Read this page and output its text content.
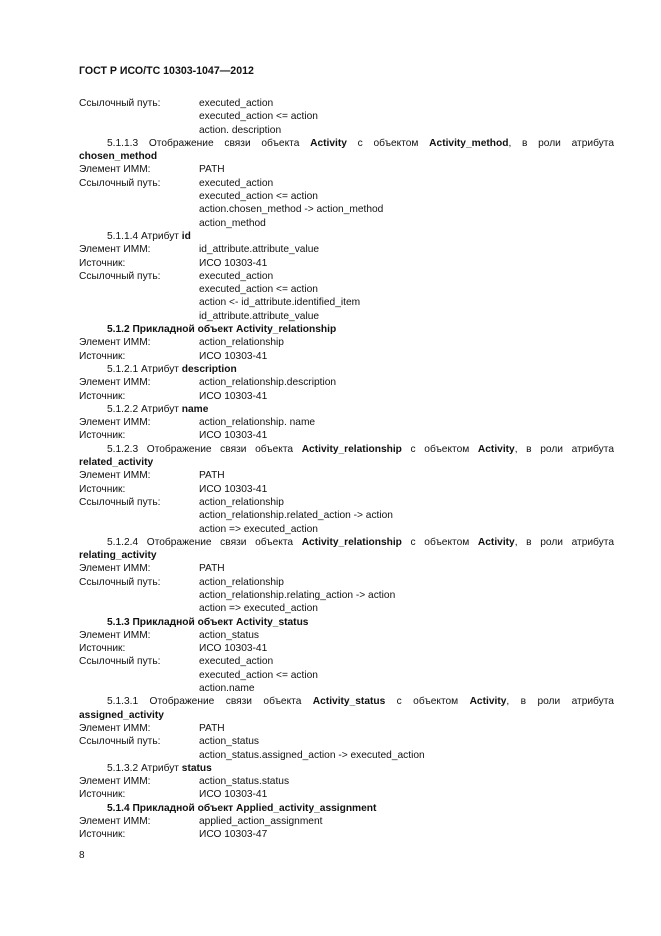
ГОСТ Р ИСО/ТС 10303-1047—2012
Ссылочный путь:	executed_action
executed_action <= action
action. description
5.1.1.3 Отображение связи объекта Activity с объектом Activity_method, в роли атрибута chosen_method
Элемент ИММ:	PATH
Ссылочный путь:	executed_action
executed_action <= action
action.chosen_method -> action_method
action_method
5.1.1.4 Атрибут id
Элемент ИММ:	id_attribute.attribute_value
Источник:	ИСО 10303-41
Ссылочный путь:	executed_action
executed_action <= action
action <- id_attribute.identified_item
id_attribute.attribute_value
5.1.2 Прикладной объект Activity_relationship
Элемент ИММ:	action_relationship
Источник:	ИСО 10303-41
5.1.2.1 Атрибут description
Элемент ИММ:	action_relationship.description
Источник:	ИСО 10303-41
5.1.2.2 Атрибут name
Элемент ИММ:	action_relationship. name
Источник:	ИСО 10303-41
5.1.2.3 Отображение связи объекта Activity_relationship с объектом Activity, в роли атрибута related_activity
Элемент ИММ:	PATH
Источник:	ИСО 10303-41
Ссылочный путь:	action_relationship
action_relationship.related_action -> action
action => executed_action
5.1.2.4 Отображение связи объекта Activity_relationship с объектом Activity, в роли атрибута relating_activity
Элемент ИММ:	PATH
Ссылочный путь:	action_relationship
action_relationship.relating_action -> action
action => executed_action
5.1.3 Прикладной объект Activity_status
Элемент ИММ:	action_status
Источник:	ИСО 10303-41
Ссылочный путь:	executed_action
executed_action <= action
action.name
5.1.3.1 Отображение связи объекта Activity_status с объектом Activity, в роли атрибута assigned_activity
Элемент ИММ:	PATH
Ссылочный путь:	action_status
action_status.assigned_action -> executed_action
5.1.3.2 Атрибут status
Элемент ИММ:	action_status.status
Источник:	ИСО 10303-41
5.1.4 Прикладной объект Applied_activity_assignment
Элемент ИММ:	applied_action_assignment
Источник:	ИСО 10303-47
8
